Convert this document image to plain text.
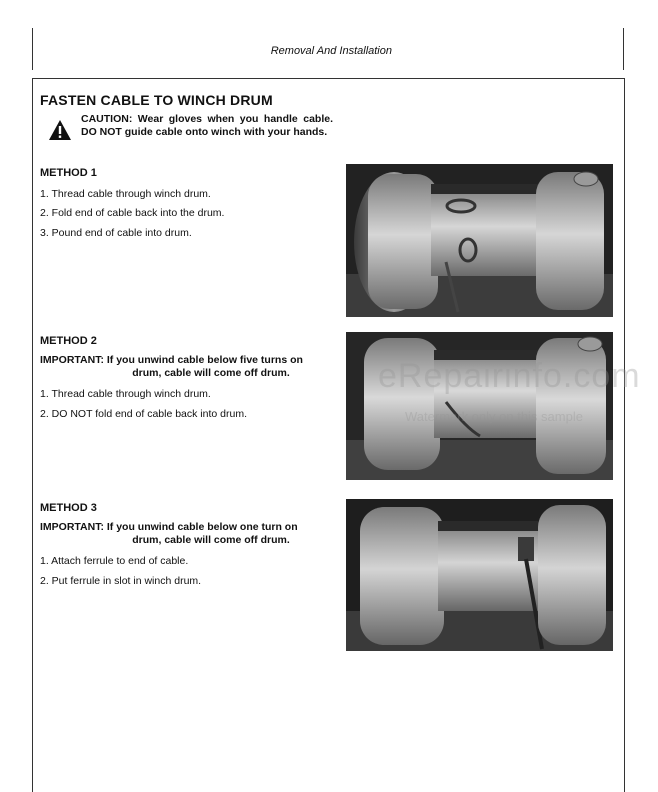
Removal And Installation
FASTEN CABLE TO WINCH DRUM
CAUTION: Wear gloves when you handle cable. DO NOT guide cable onto winch with your hands.
METHOD 1
1. Thread cable through winch drum.
2. Fold end of cable back into the drum.
3. Pound end of cable into drum.
METHOD 2
IMPORTANT: If you unwind cable below five turns on
drum, cable will come off drum.
1. Thread cable through winch drum.
2. DO NOT fold end of cable back into drum.
METHOD 3
IMPORTANT: If you unwind cable below one turn on
drum, cable will come off drum.
1. Attach ferrule to end of cable.
2. Put ferrule in slot in winch drum.
eRepairinfo.com
Watermark only on this sample
